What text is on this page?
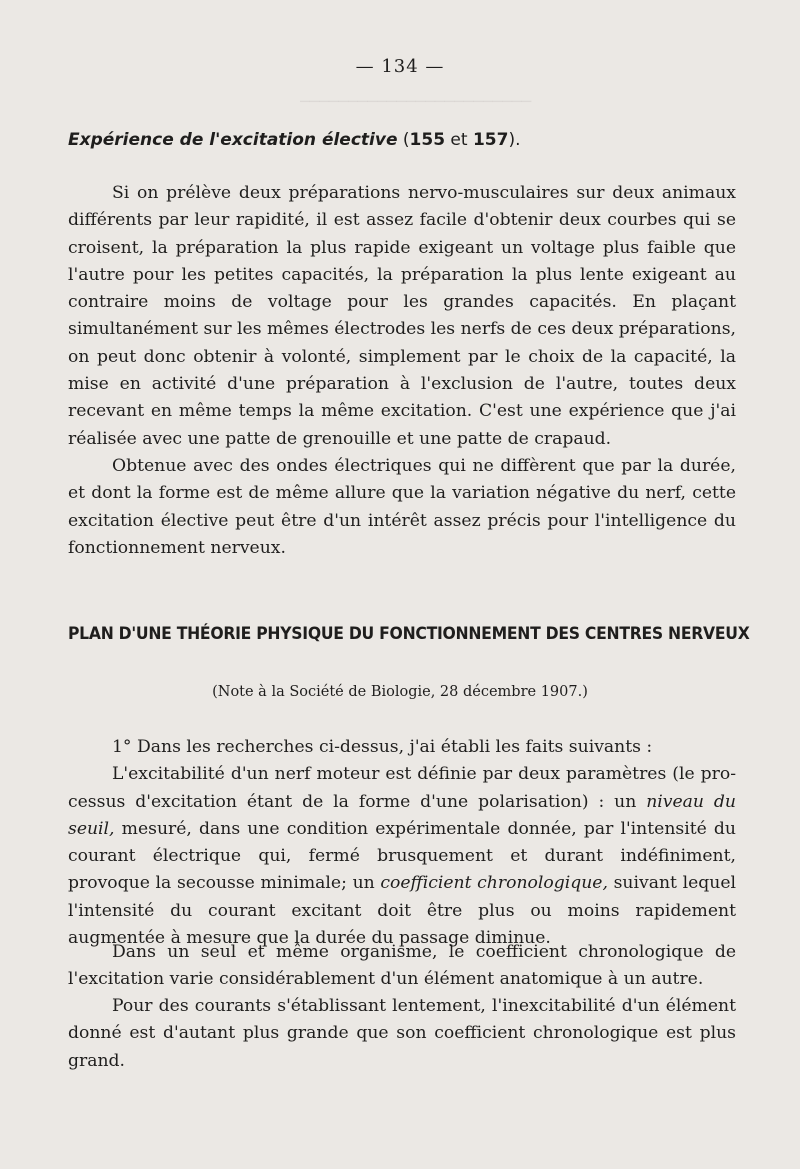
────────────────────────
— 134 —
Expérience de l'excitation élective (155 et 157).

Si on prélève deux préparations nervo-musculaires sur deux animaux différents par leur rapidité, il est assez facile d'obtenir deux courbes qui se croisent, la préparation la plus rapide exigeant un voltage plus faible que l'autre pour les petites capacités, la préparation la plus lente exigeant au contraire moins de voltage pour les grandes capacités. En plaçant simultanément sur les mêmes électrodes les nerfs de ces deux préparations, on peut donc obtenir à volonté, simplement par le choix de la capacité, la mise en activité d'une préparation à l'exclusion de l'autre, toutes deux recevant en même temps la même excitation. C'est une expérience que j'ai réalisée avec une patte de grenouille et une patte de crapaud.

Obtenue avec des ondes électriques qui ne diffèrent que par la durée, et dont la forme est de même allure que la variation négative du nerf, cette excitation élective peut être d'un intérêt assez précis pour l'intelligence du fonctionnement nerveux.

PLAN D'UNE THÉORIE PHYSIQUE DU FONCTIONNEMENT DES CENTRES NERVEUX
(Note à la Société de Biologie, 28 décembre 1907.)

1° Dans les recherches ci-dessus, j'ai établi les faits suivants :
L'excitabilité d'un nerf moteur est définie par deux paramètres (le processus d'excitation étant de la forme d'une polarisation) : un niveau du seuil, mesuré, dans une condition expérimentale donnée, par l'intensité du courant électrique qui, fermé brusquement et durant indéfiniment, provoque la secousse minimale; un coefficient chronologique, suivant lequel l'intensité du courant excitant doit être plus ou moins rapidement augmentée à mesure que la durée du passage diminue.

Dans un seul et même organisme, le coefficient chronologique de l'excitation varie considérablement d'un élément anatomique à un autre.

Pour des courants s'établissant lentement, l'inexcitabilité d'un élément donné est d'autant plus grande que son coefficient chronologique est plus grand.
